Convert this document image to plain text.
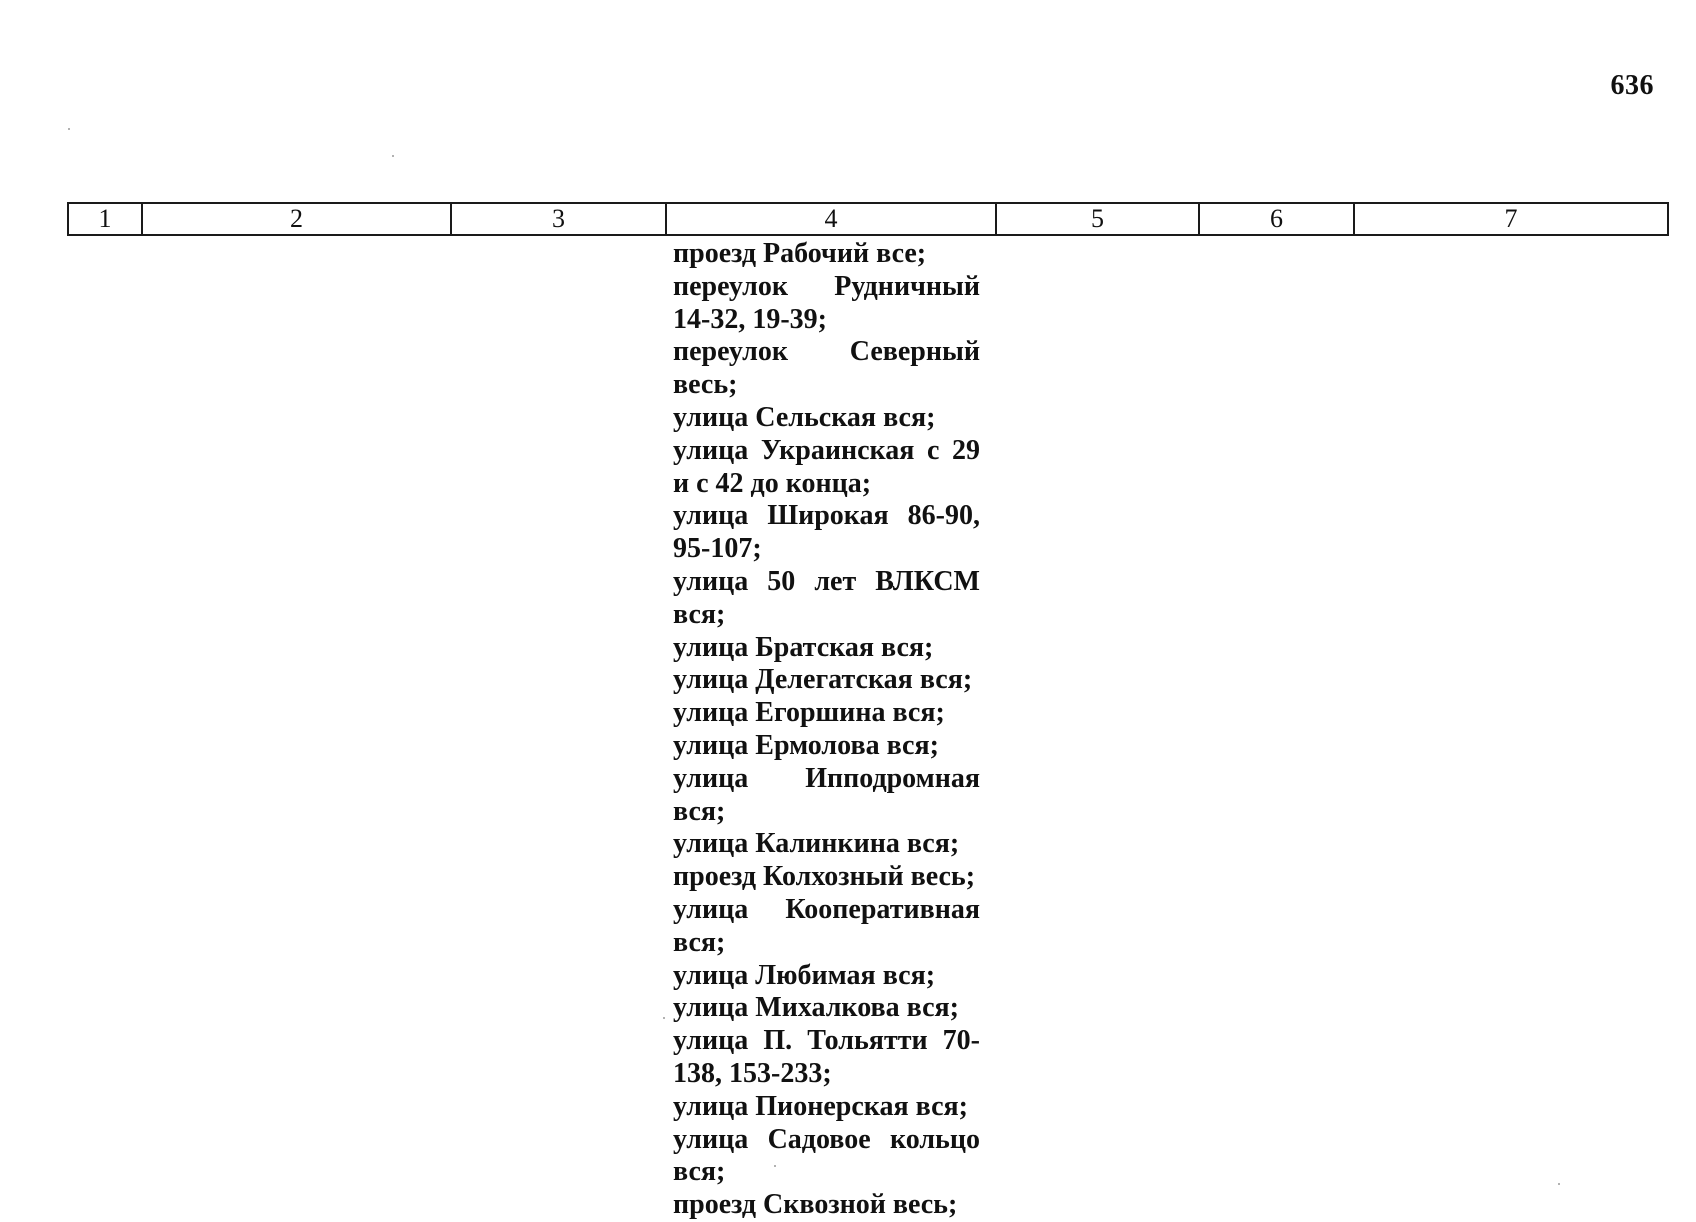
636
1	2	3	4	5	6	7

проезд Рабочий все;

переулок Рудничный 14-32, 19-39;

переулок Северный весь;

улица Сельская вся;

улица Украинская с 29 и с 42 до конца;

улица Широкая 86-90, 95-107;

улица 50 лет ВЛКСМ вся;

улица Братская вся;

улица Делегатская вся;

улица Егоршина вся;

улица Ермолова вся;

улица Ипподромная вся;

улица Калинкина вся;

проезд Колхозный весь;

улица Кооперативная вся;

улица Любимая вся;

улица Михалкова вся;

улица П. Тольятти 70-138, 153-233;

улица Пионерская вся;

улица Садовое кольцо вся;

проезд Сквозной весь;
